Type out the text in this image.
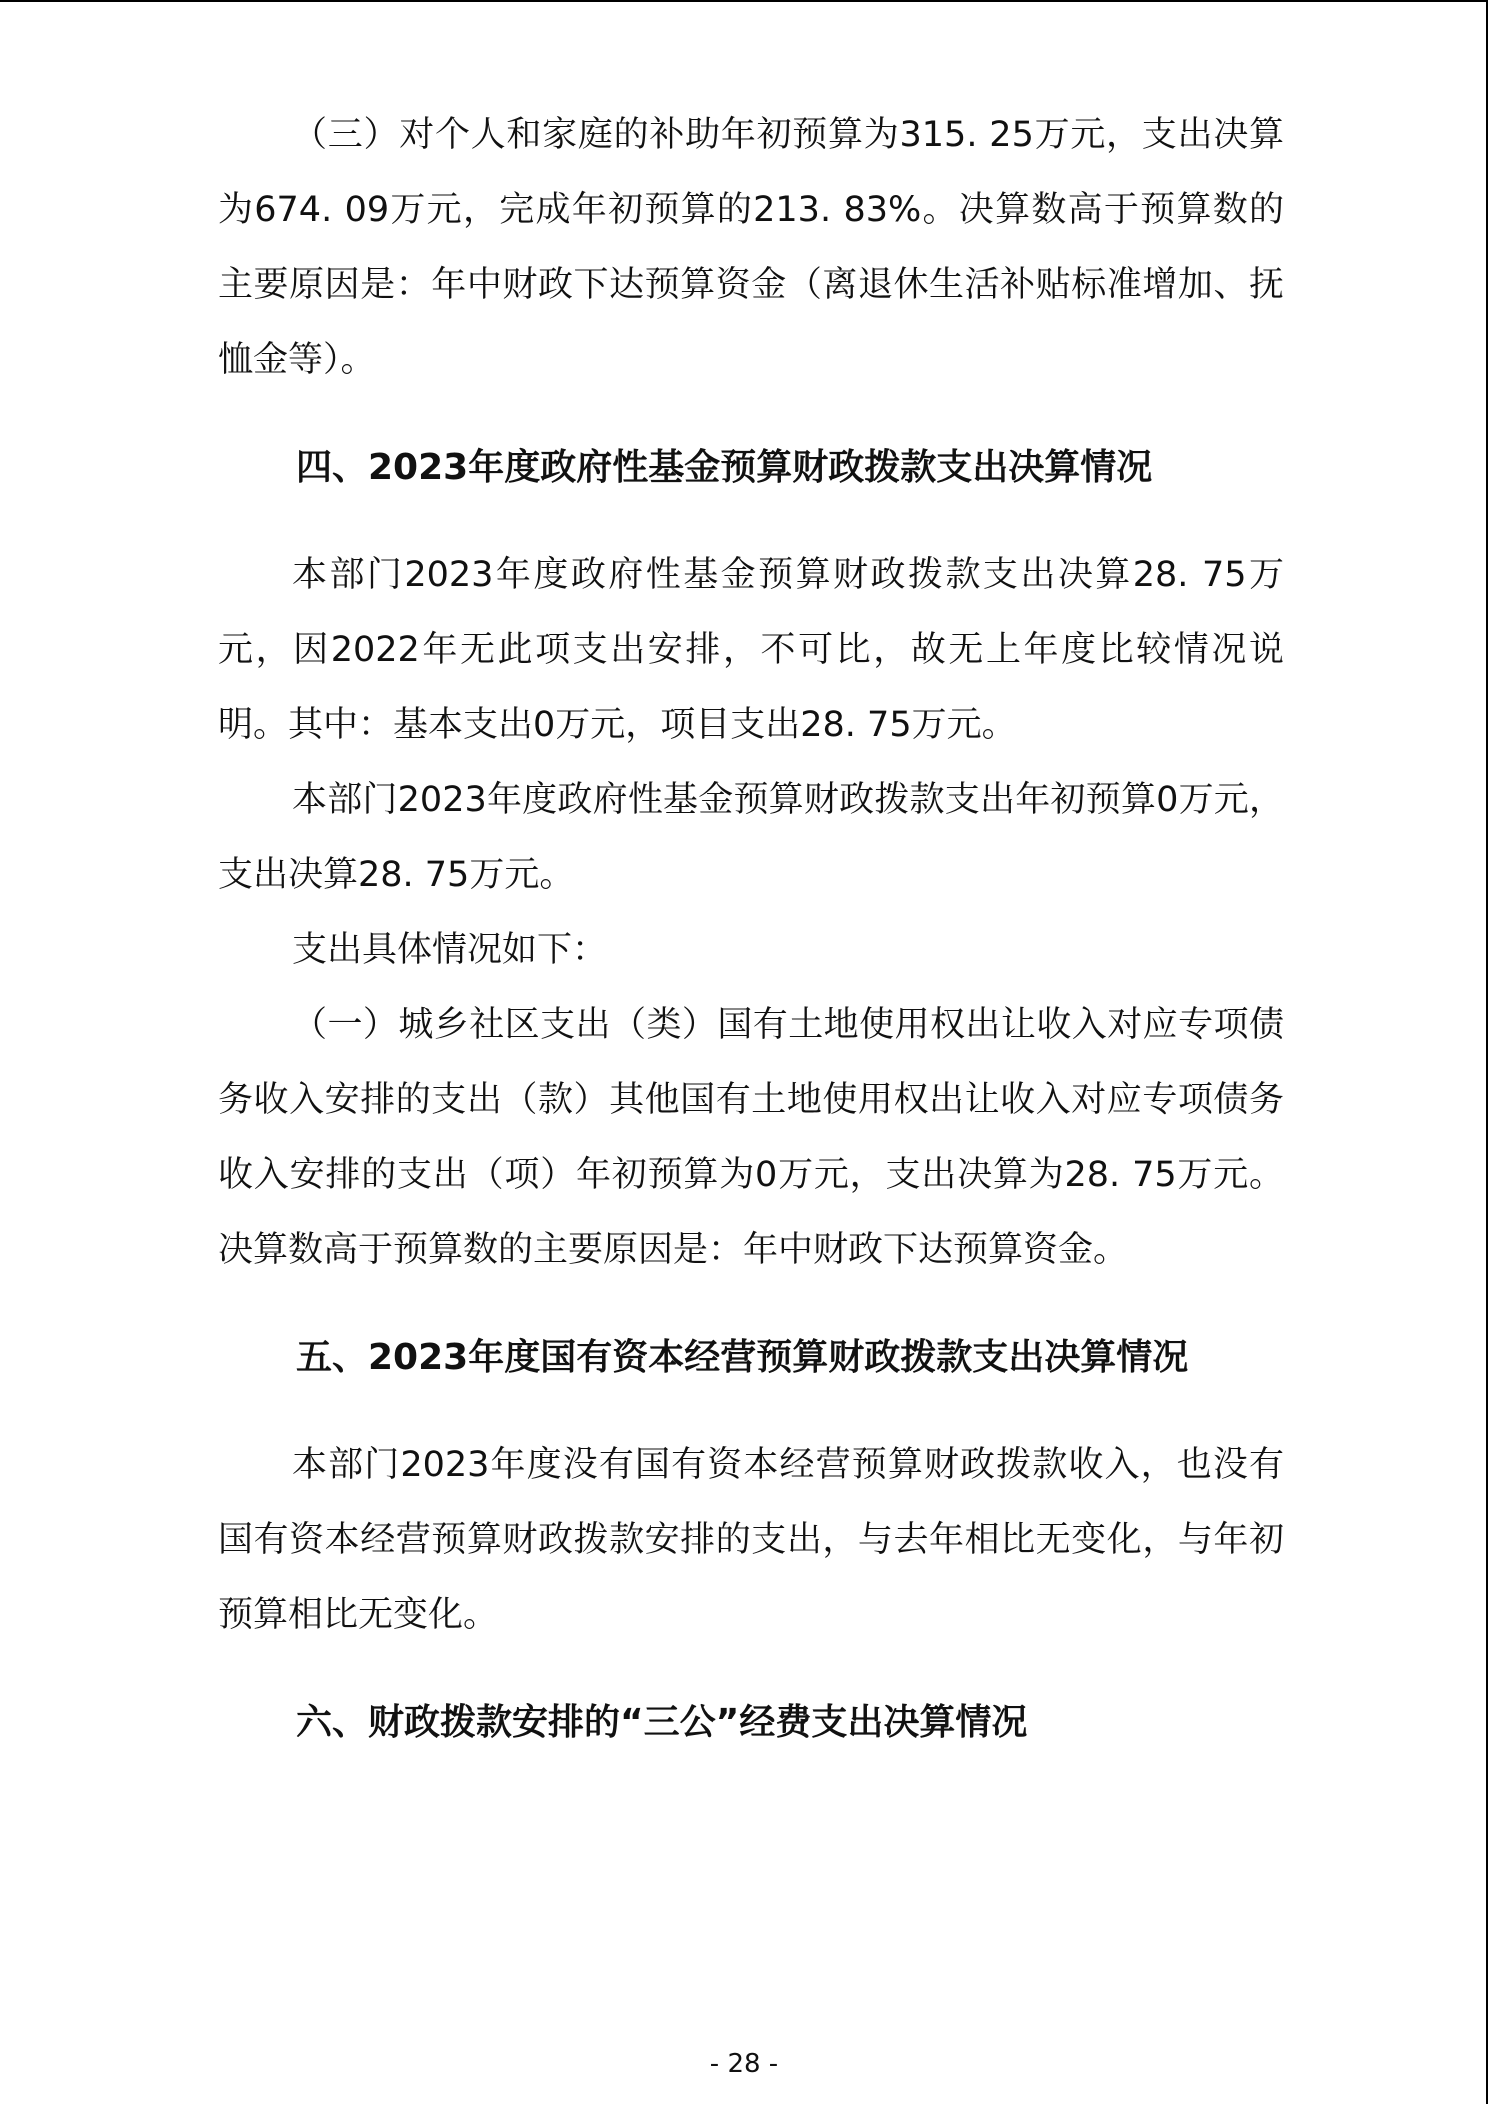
（三）对个人和家庭的补助年初预算为315. 25万元，支出决算为674. 09万元，完成年初预算的213. 83%。决算数高于预算数的主要原因是：年中财政下达预算资金（离退休生活补贴标准增加、抚恤金等）。

四、2023年度政府性基金预算财政拨款支出决算情况

本部门2023年度政府性基金预算财政拨款支出决算28. 75万元，因2022年无此项支出安排，不可比，故无上年度比较情况说明。其中：基本支出0万元，项目支出28. 75万元。

本部门2023年度政府性基金预算财政拨款支出年初预算0万元，支出决算28. 75万元。

支出具体情况如下：

（一）城乡社区支出（类）国有土地使用权出让收入对应专项债务收入安排的支出（款）其他国有土地使用权出让收入对应专项债务收入安排的支出（项）年初预算为0万元，支出决算为28. 75万元。决算数高于预算数的主要原因是：年中财政下达预算资金。

五、2023年度国有资本经营预算财政拨款支出决算情况

本部门2023年度没有国有资本经营预算财政拨款收入，也没有国有资本经营预算财政拨款安排的支出，与去年相比无变化，与年初预算相比无变化。

六、财政拨款安排的“三公”经费支出决算情况
- 28 -
